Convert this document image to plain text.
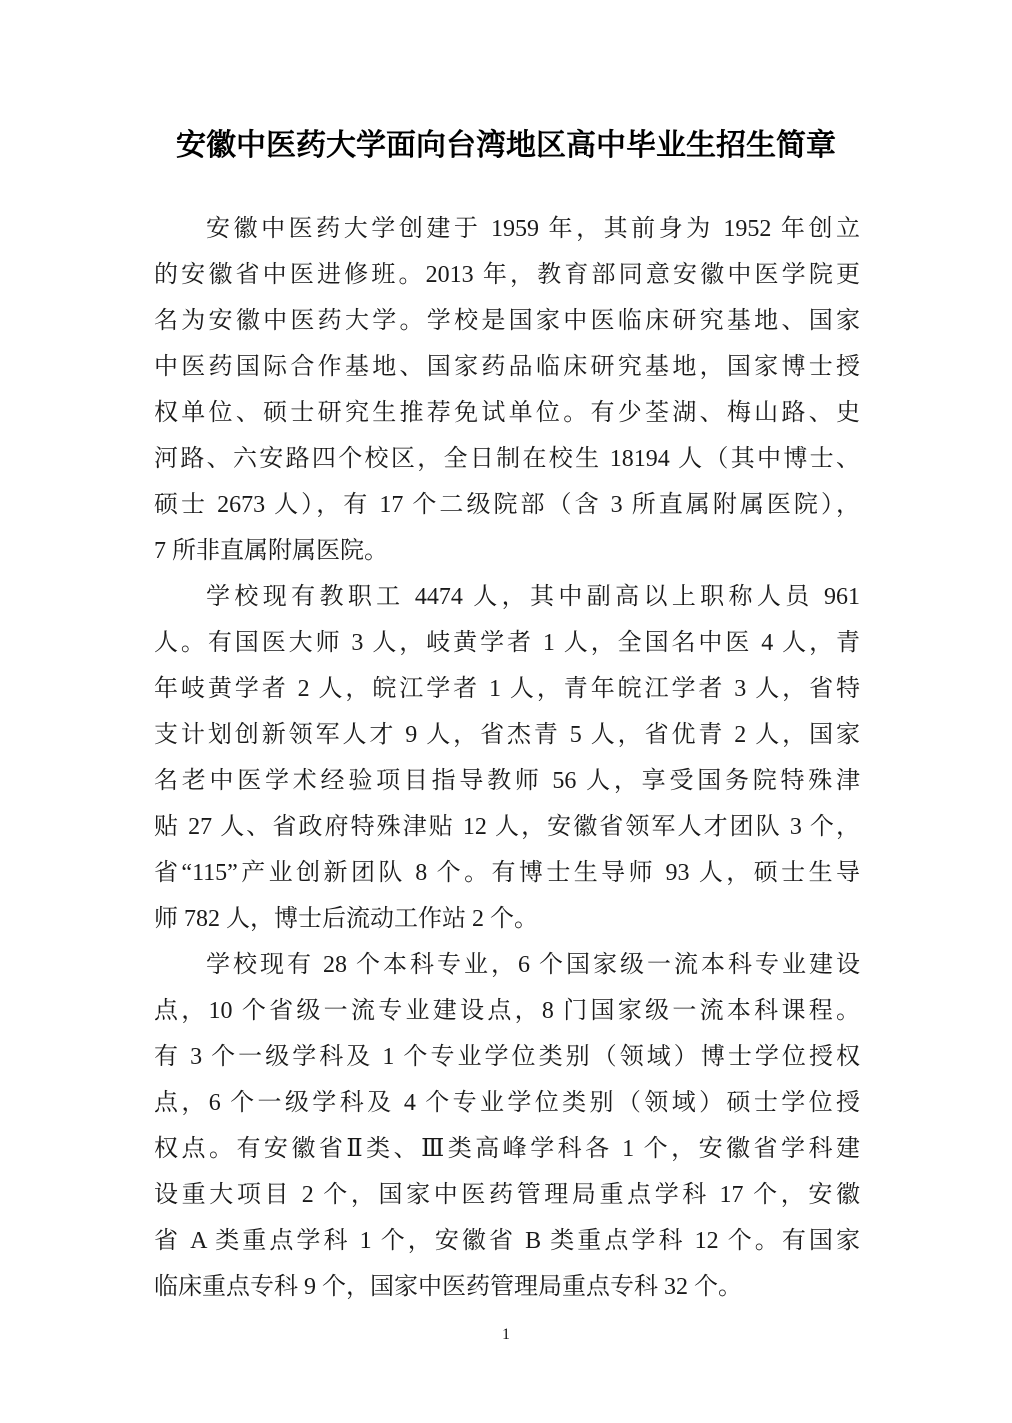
安徽中医药大学面向台湾地区高中毕业生招生简章
安徽中医药大学创建于 1959 年，其前身为 1952 年创立
的安徽省中医进修班。2013 年，教育部同意安徽中医学院更
名为安徽中医药大学。学校是国家中医临床研究基地、国家
中医药国际合作基地、国家药品临床研究基地，国家博士授
权单位、硕士研究生推荐免试单位。有少荃湖、梅山路、史
河路、六安路四个校区，全日制在校生 18194 人（其中博士、
硕士 2673 人），有 17 个二级院部（含 3 所直属附属医院），
7 所非直属附属医院。
学校现有教职工 4474 人，其中副高以上职称人员 961
人。有国医大师 3 人，岐黄学者 1 人，全国名中医 4 人，青
年岐黄学者 2 人，皖江学者 1 人，青年皖江学者 3 人，省特
支计划创新领军人才 9 人，省杰青 5 人，省优青 2 人，国家
名老中医学术经验项目指导教师 56 人，享受国务院特殊津
贴 27 人、省政府特殊津贴 12 人，安徽省领军人才团队 3 个，
省“115”产业创新团队 8 个。有博士生导师 93 人，硕士生导
师 782 人，博士后流动工作站 2 个。
学校现有 28 个本科专业，6 个国家级一流本科专业建设
点，10 个省级一流专业建设点，8 门国家级一流本科课程。
有 3 个一级学科及 1 个专业学位类别（领域）博士学位授权
点，6 个一级学科及 4 个专业学位类别（领域）硕士学位授
权点。有安徽省Ⅱ类、Ⅲ类高峰学科各 1 个，安徽省学科建
设重大项目 2 个，国家中医药管理局重点学科 17 个，安徽
省 A 类重点学科 1 个，安徽省 B 类重点学科 12 个。有国家
临床重点专科 9 个，国家中医药管理局重点专科 32 个。
1
